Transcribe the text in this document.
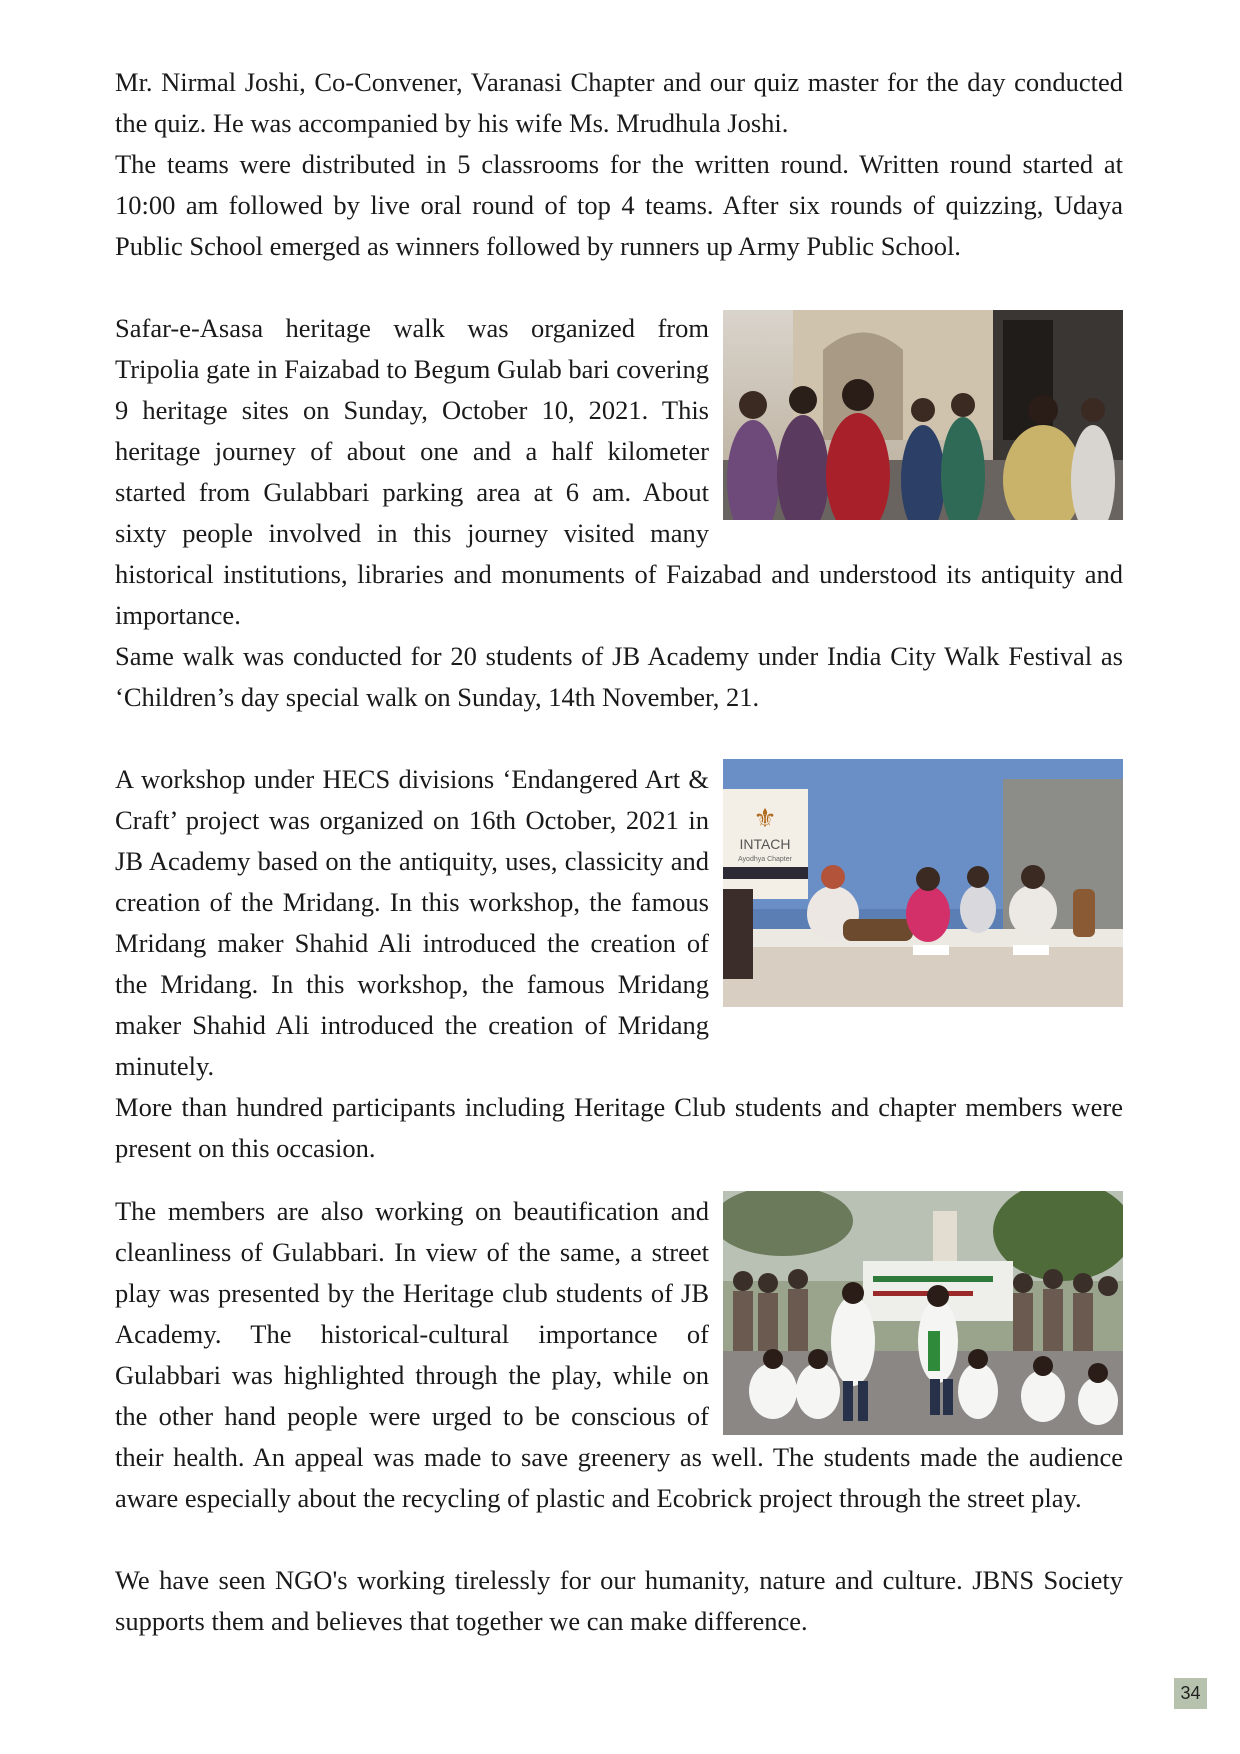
Mr. Nirmal Joshi, Co-Convener, Varanasi Chapter and our quiz master for the day conducted the quiz. He was accompanied by his wife Ms. Mrudhula Joshi.

The teams were distributed in 5 classrooms for the written round. Written round started at 10:00 am followed by live oral round of top 4 teams. After six rounds of quizzing, Udaya Public School emerged as winners followed by runners up Army Public School.

Safar-e-Asasa heritage walk was organized from Tripolia gate in Faizabad to Begum Gulab bari covering 9 heritage sites on Sunday, October 10, 2021. This heritage journey of about one and a half kilometer started from Gulabbari parking area at 6 am. About sixty people involved in this journey visited many historical institutions, libraries and monuments of Faizabad and understood its antiquity and importance.

Same walk was conducted for 20 students of JB Academy under India City Walk Festival as ‘Children’s day special walk on Sunday, 14th November, 21.

⚜
INTACH
Ayodhya Chapter

A workshop under HECS divisions ‘Endangered Art & Craft’ project was organized on 16th October, 2021 in JB Academy based on the antiquity, uses, classicity and creation of the Mridang. In this workshop, the famous Mridang maker Shahid Ali introduced the creation of the Mridang. In this workshop, the famous Mridang maker Shahid Ali introduced the creation of Mridang minutely.

More than hundred participants including Heritage Club students and chapter members were present on this occasion.

The members are also working on beautification and cleanliness of Gulabbari. In view of the same, a street play was presented by the Heritage club students of JB Academy. The historical-cultural importance of Gulabbari was highlighted through the play, while on the other hand people were urged to be conscious of their health. An appeal was made to save greenery as well. The students made the audience aware especially about the recycling of plastic and Ecobrick project through the street play.

We have seen NGO's working tirelessly for our humanity, nature and culture. JBNS Society supports them and believes that together we can make difference.

34
